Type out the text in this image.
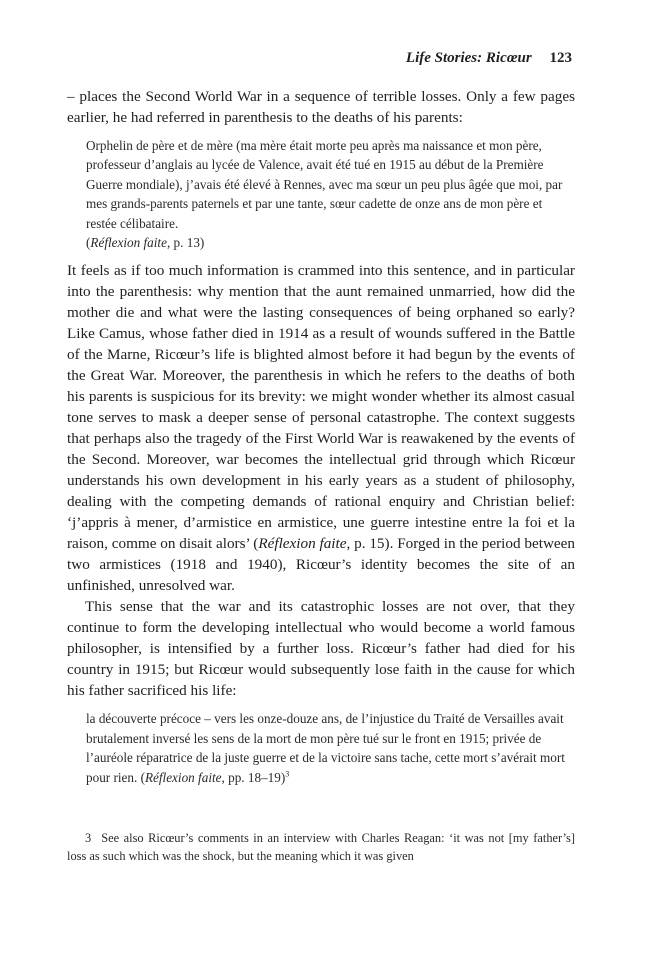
Life Stories: Ricœur 123

– places the Second World War in a sequence of terrible losses. Only a few pages earlier, he had referred in parenthesis to the deaths of his parents:

Orphelin de père et de mère (ma mère était morte peu après ma naissance et mon père, professeur d’anglais au lycée de Valence, avait été tué en 1915 au début de la Première Guerre mondiale), j’avais été élevé à Rennes, avec ma sœur un peu plus âgée que moi, par mes grands-parents paternels et par une tante, sœur cadette de onze ans de mon père et restée célibataire.
(Réflexion faite, p. 13)

It feels as if too much information is crammed into this sentence, and in particular into the parenthesis: why mention that the aunt remained unmarried, how did the mother die and what were the lasting consequences of being orphaned so early? Like Camus, whose father died in 1914 as a result of wounds suffered in the Battle of the Marne, Ricœur’s life is blighted almost before it had begun by the events of the Great War. Moreover, the parenthesis in which he refers to the deaths of both his parents is suspicious for its brevity: we might wonder whether its almost casual tone serves to mask a deeper sense of personal catastrophe. The context suggests that perhaps also the tragedy of the First World War is reawakened by the events of the Second. Moreover, war becomes the intellectual grid through which Ricœur understands his own development in his early years as a student of philosophy, dealing with the competing demands of rational enquiry and Christian belief: ‘j’appris à mener, d’armistice en armistice, une guerre intestine entre la foi et la raison, comme on disait alors’ (Réflexion faite, p. 15). Forged in the period between two armistices (1918 and 1940), Ricœur’s identity becomes the site of an unfinished, unresolved war.

This sense that the war and its catastrophic losses are not over, that they continue to form the developing intellectual who would become a world famous philosopher, is intensified by a further loss. Ricœur’s father had died for his country in 1915; but Ricœur would subsequently lose faith in the cause for which his father sacrificed his life:

la découverte précoce – vers les onze-douze ans, de l’injustice du Traité de Versailles avait brutalement inversé les sens de la mort de mon père tué sur le front en 1915; privée de l’auréole réparatrice de la juste guerre et de la victoire sans tache, cette mort s’avérait mort pour rien. (Réflexion faite, pp. 18–19)$^3$
3 See also Ricœur’s comments in an interview with Charles Reagan: ‘it was not [my father’s] loss as such which was the shock, but the meaning which it was given
